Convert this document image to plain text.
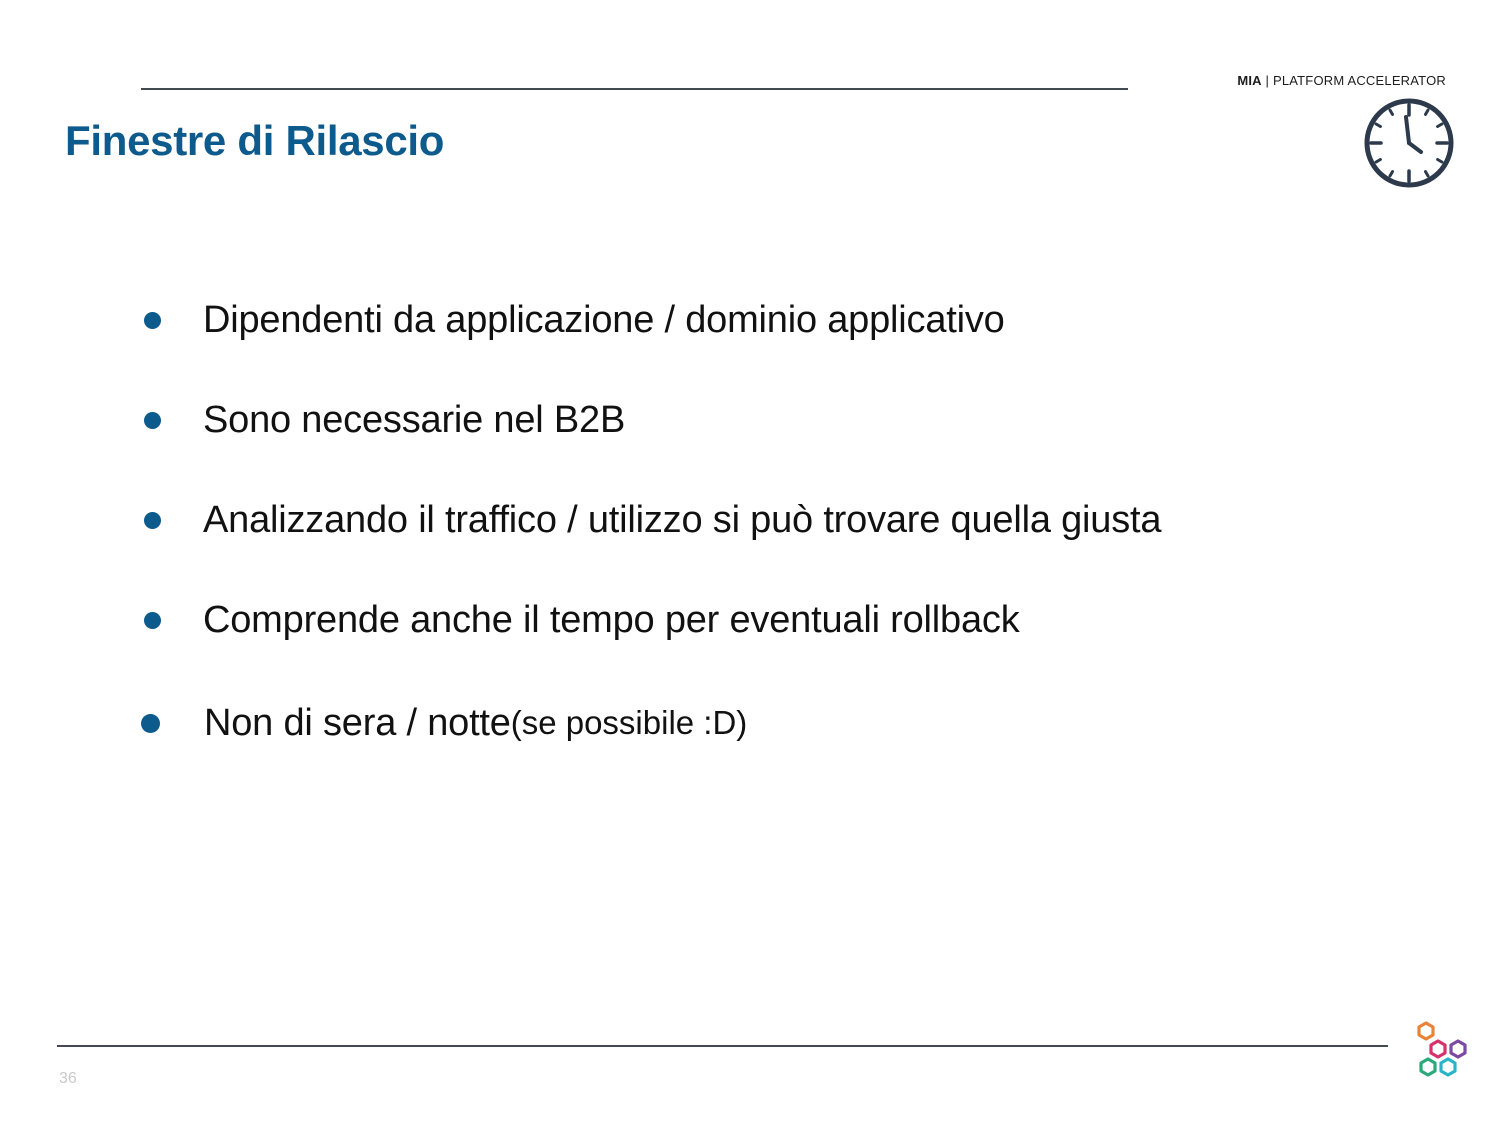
MIA | PLATFORM ACCELERATOR
Finestre di Rilascio
Dipendenti da applicazione / dominio applicativo
Sono necessarie nel B2B
Analizzando il traffico / utilizzo si può trovare quella giusta
Comprende anche il tempo per eventuali rollback
Non di sera / notte (se possibile :D)
36
